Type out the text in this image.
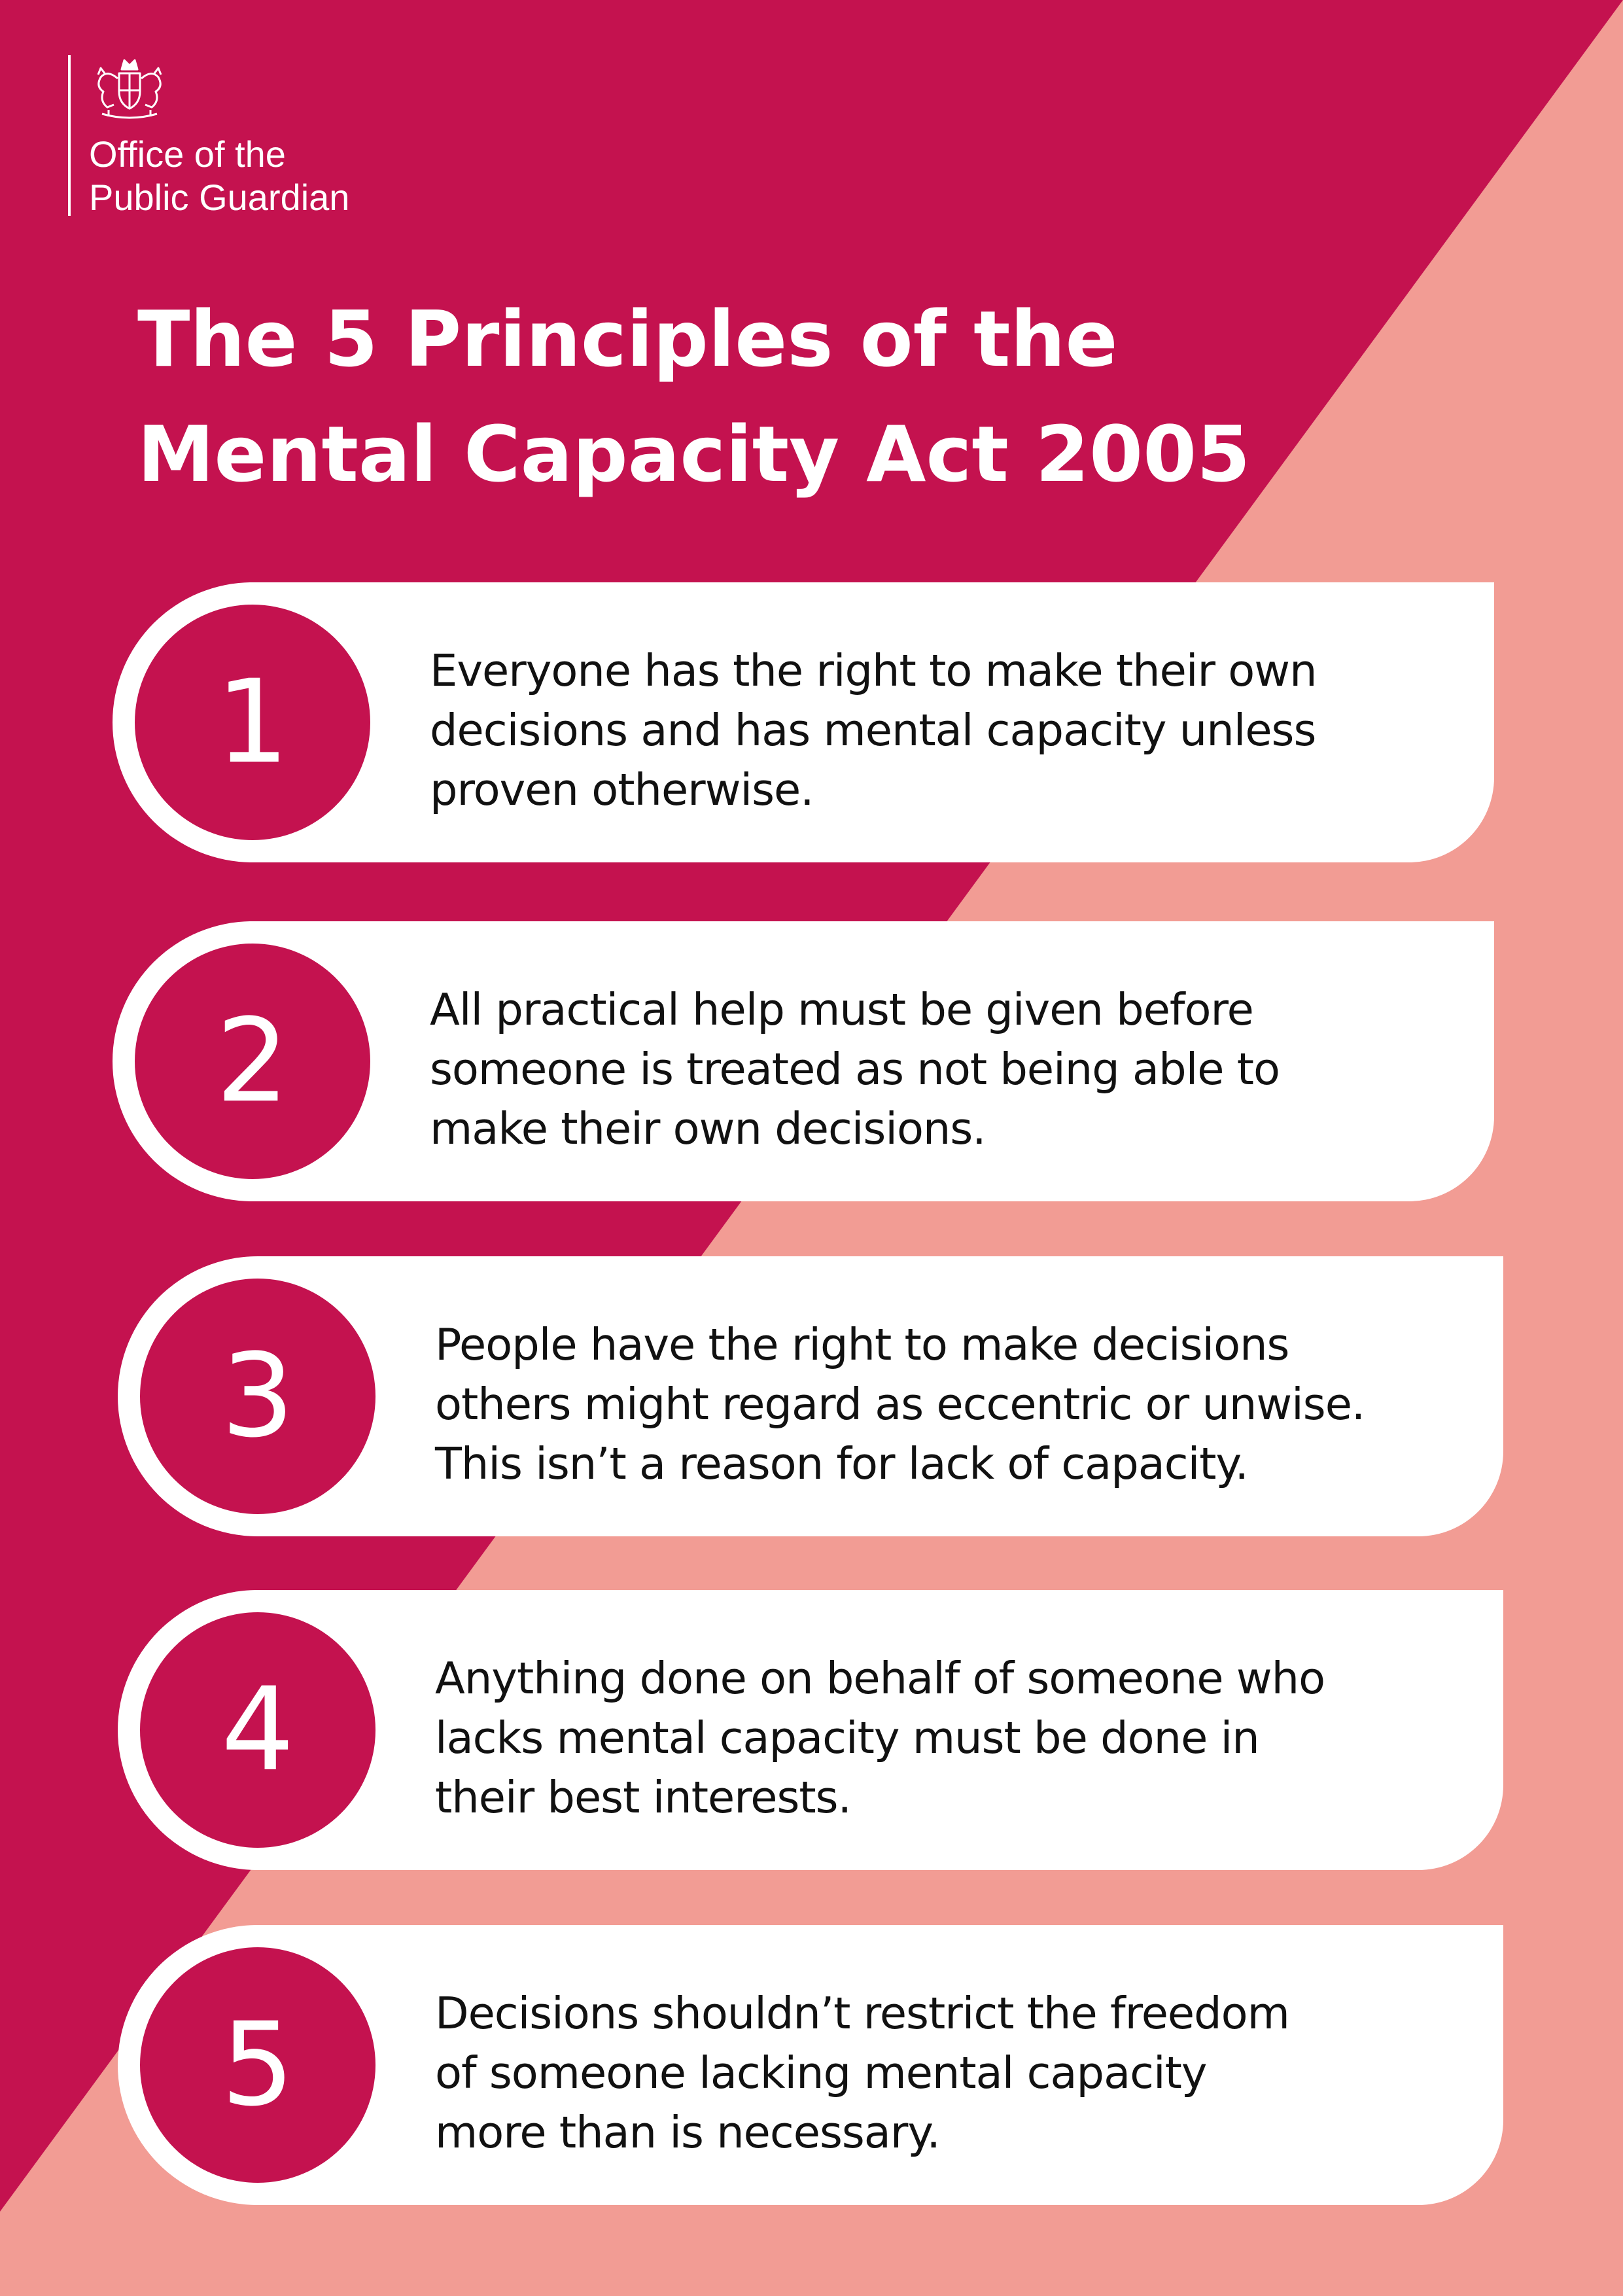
Office of the
Public Guardian
The 5 Principles of the
Mental Capacity Act 2005
1	Everyone has the right to make their own
decisions and has mental capacity unless
proven otherwise.
2	All practical help must be given before
someone is treated as not being able to
make their own decisions.
3	People have the right to make decisions
others might regard as eccentric or unwise.
This isn’t a reason for lack of capacity.
4	Anything done on behalf of someone who
lacks mental capacity must be done in
their best interests.
5	Decisions shouldn’t restrict the freedom
of someone lacking mental capacity
more than is necessary.
